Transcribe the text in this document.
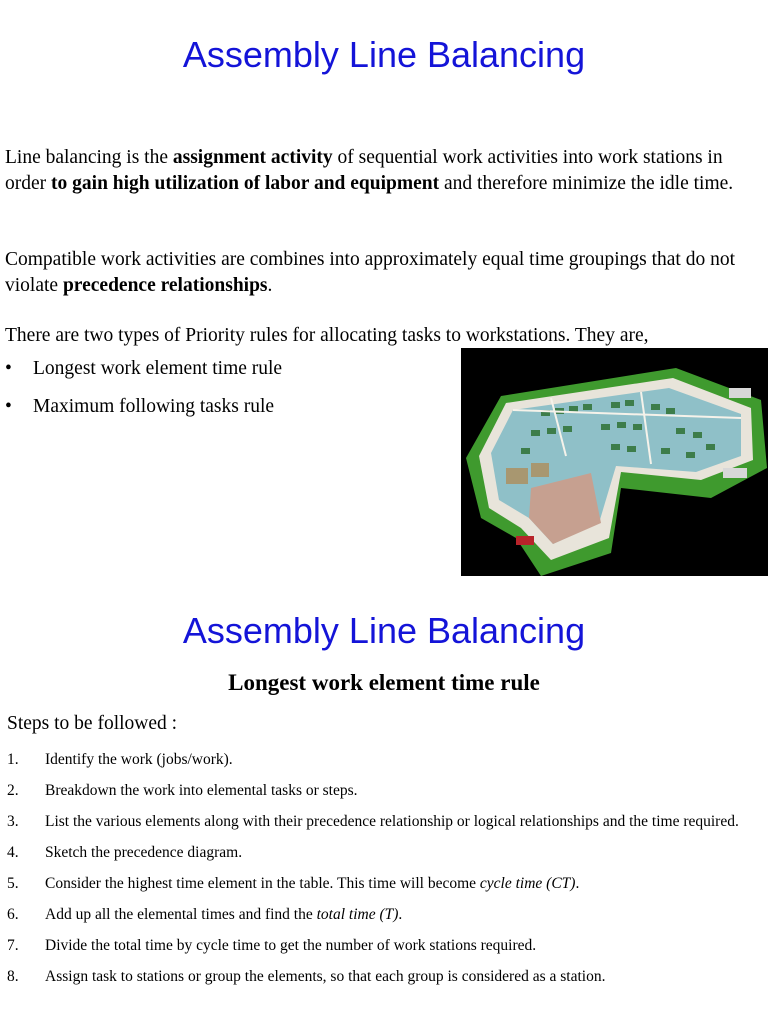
Assembly Line Balancing

Line balancing is the assignment activity of sequential work activities into work stations in order to gain high utilization of labor and equipment and therefore minimize the idle time.

Compatible work activities are combines into approximately equal time groupings that do not violate precedence relationships.

There are two types of Priority rules for allocating tasks to workstations. They are,

• Longest work element time rule
• Maximum following tasks rule
Assembly Line Balancing
Longest work element time rule

Steps to be followed :

1. Identify the work (jobs/work).
2. Breakdown the work into elemental tasks or steps.
3. List the various elements along with their precedence relationship or logical relationships and the time required.
4. Sketch the precedence diagram.
5. Consider the highest time element in the table. This time will become cycle time (CT).
6. Add up all the elemental times and find the total time (T).
7. Divide the total time by cycle time to get the number of work stations required.
8. Assign task to stations or group the elements, so that each group is considered as a station.
